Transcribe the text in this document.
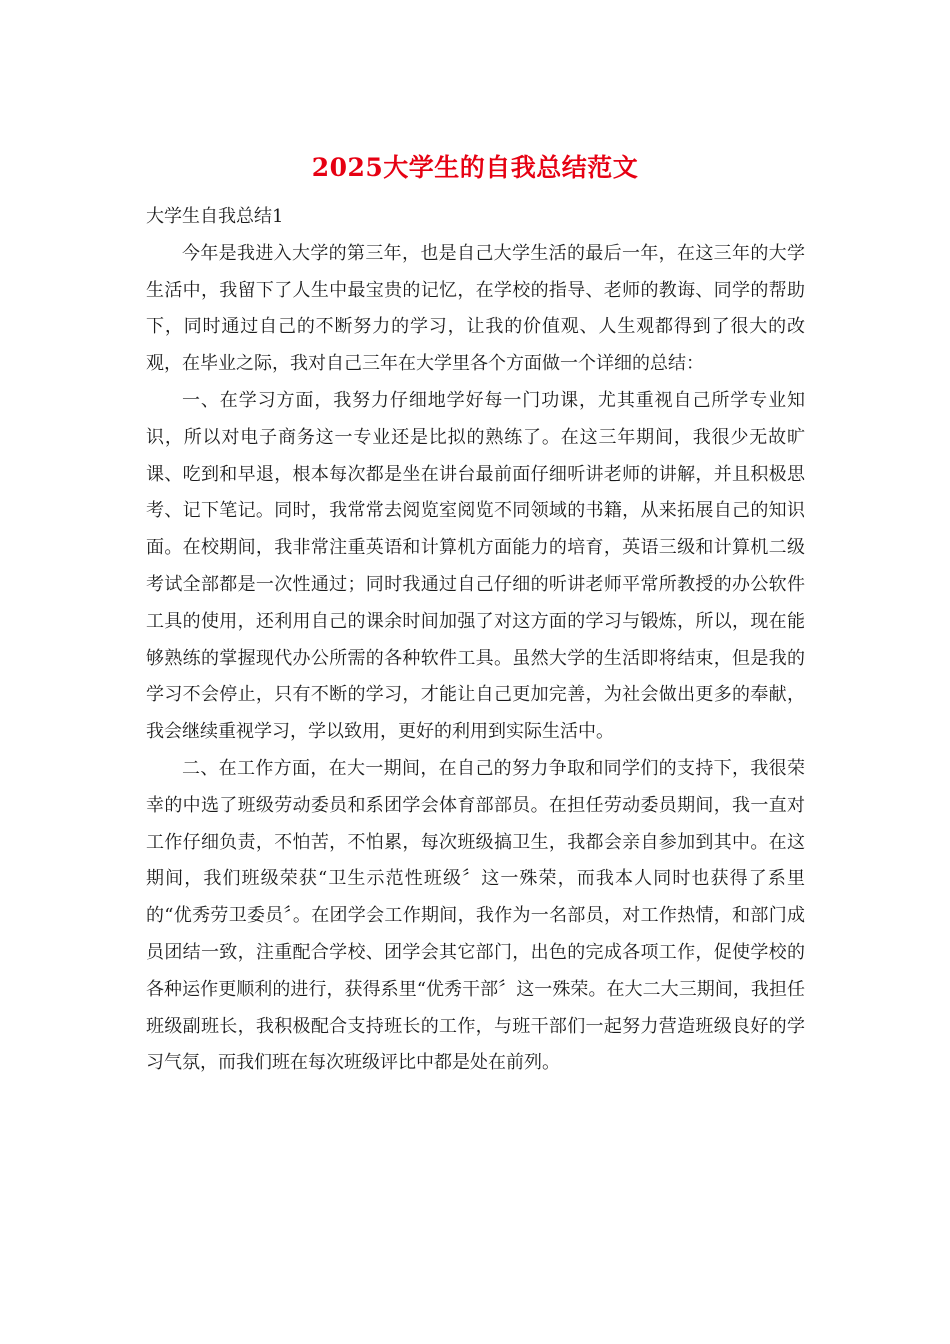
2025大学生的自我总结范文

大学生自我总结1

今年是我进入大学的第三年，也是自己大学生活的最后一年，在这三年的大学生活中，我留下了人生中最宝贵的记忆，在学校的指导、老师的教诲、同学的帮助下，同时通过自己的不断努力的学习，让我的价值观、人生观都得到了很大的改观，在毕业之际，我对自己三年在大学里各个方面做一个详细的总结：

一、在学习方面，我努力仔细地学好每一门功课，尤其重视自己所学专业知识，所以对电子商务这一专业还是比拟的熟练了。在这三年期间，我很少无故旷课、吃到和早退，根本每次都是坐在讲台最前面仔细听讲老师的讲解，并且积极思考、记下笔记。同时，我常常去阅览室阅览不同领域的书籍，从来拓展自己的知识面。在校期间，我非常注重英语和计算机方面能力的培育，英语三级和计算机二级考试全部都是一次性通过；同时我通过自己仔细的听讲老师平常所教授的办公软件工具的使用，还利用自己的课余时间加强了对这方面的学习与锻炼，所以，现在能够熟练的掌握现代办公所需的各种软件工具。虽然大学的生活即将结束，但是我的学习不会停止，只有不断的学习，才能让自己更加完善，为社会做出更多的奉献，我会继续重视学习，学以致用，更好的利用到实际生活中。

二、在工作方面，在大一期间，在自己的努力争取和同学们的支持下，我很荣幸的中选了班级劳动委员和系团学会体育部部员。在担任劳动委员期间，我一直对工作仔细负责，不怕苦，不怕累，每次班级搞卫生，我都会亲自参加到其中。在这期间，我们班级荣获“卫生示范性班级〞这一殊荣，而我本人同时也获得了系里的“优秀劳卫委员〞。在团学会工作期间，我作为一名部员，对工作热情，和部门成员团结一致，注重配合学校、团学会其它部门，出色的完成各项工作，促使学校的各种运作更顺利的进行，获得系里“优秀干部〞这一殊荣。在大二大三期间，我担任班级副班长，我积极配合支持班长的工作，与班干部们一起努力营造班级良好的学习气氛，而我们班在每次班级评比中都是处在前列。
